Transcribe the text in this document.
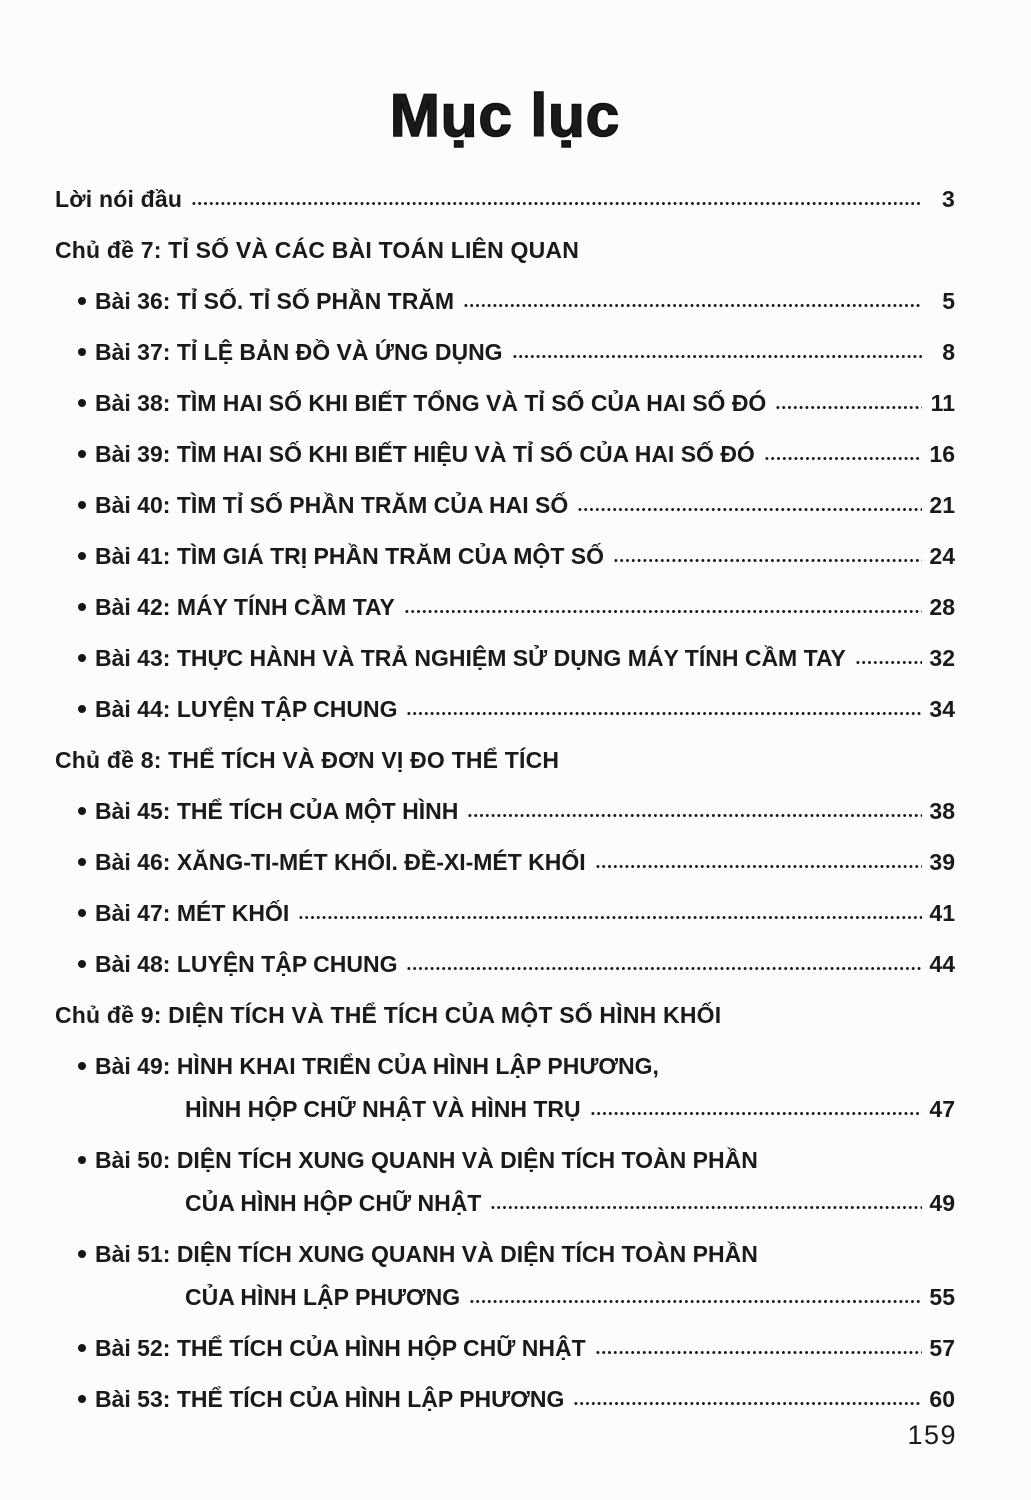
Mục lục
Lời nói đầu	3
Chủ đề 7: TỈ SỐ VÀ CÁC BÀI TOÁN LIÊN QUAN
Bài 36: TỈ SỐ. TỈ SỐ PHẦN TRĂM	5
Bài 37: TỈ LỆ BẢN ĐỒ VÀ ỨNG DỤNG	8
Bài 38: TÌM HAI SỐ KHI BIẾT TỔNG VÀ TỈ SỐ CỦA HAI SỐ ĐÓ	11
Bài 39: TÌM HAI SỐ KHI BIẾT HIỆU VÀ TỈ SỐ CỦA HAI SỐ ĐÓ	16
Bài 40: TÌM TỈ SỐ PHẦN TRĂM CỦA HAI SỐ	21
Bài 41: TÌM GIÁ TRỊ PHẦN TRĂM CỦA MỘT SỐ	24
Bài 42: MÁY TÍNH CẦM TAY	28
Bài 43: THỰC HÀNH VÀ TRẢ NGHIỆM SỬ DỤNG MÁY TÍNH CẦM TAY	32
Bài 44: LUYỆN TẬP CHUNG	34
Chủ đề 8: THỂ TÍCH VÀ ĐƠN VỊ ĐO THỂ TÍCH
Bài 45: THỂ TÍCH CỦA MỘT HÌNH	38
Bài 46: XĂNG-TI-MÉT KHỐI. ĐỀ-XI-MÉT KHỐI	39
Bài 47: MÉT KHỐI	41
Bài 48: LUYỆN TẬP CHUNG	44
Chủ đề 9: DIỆN TÍCH VÀ THỂ TÍCH CỦA MỘT SỐ HÌNH KHỐI
Bài 49: HÌNH KHAI TRIỂN CỦA HÌNH LẬP PHƯƠNG,
HÌNH HỘP CHỮ NHẬT VÀ HÌNH TRỤ	47
Bài 50: DIỆN TÍCH XUNG QUANH VÀ DIỆN TÍCH TOÀN PHẦN
CỦA HÌNH HỘP CHỮ NHẬT	49
Bài 51: DIỆN TÍCH XUNG QUANH VÀ DIỆN TÍCH TOÀN PHẦN
CỦA HÌNH LẬP PHƯƠNG	55
Bài 52: THỂ TÍCH CỦA HÌNH HỘP CHỮ NHẬT	57
Bài 53: THỂ TÍCH CỦA HÌNH LẬP PHƯƠNG	60
159
